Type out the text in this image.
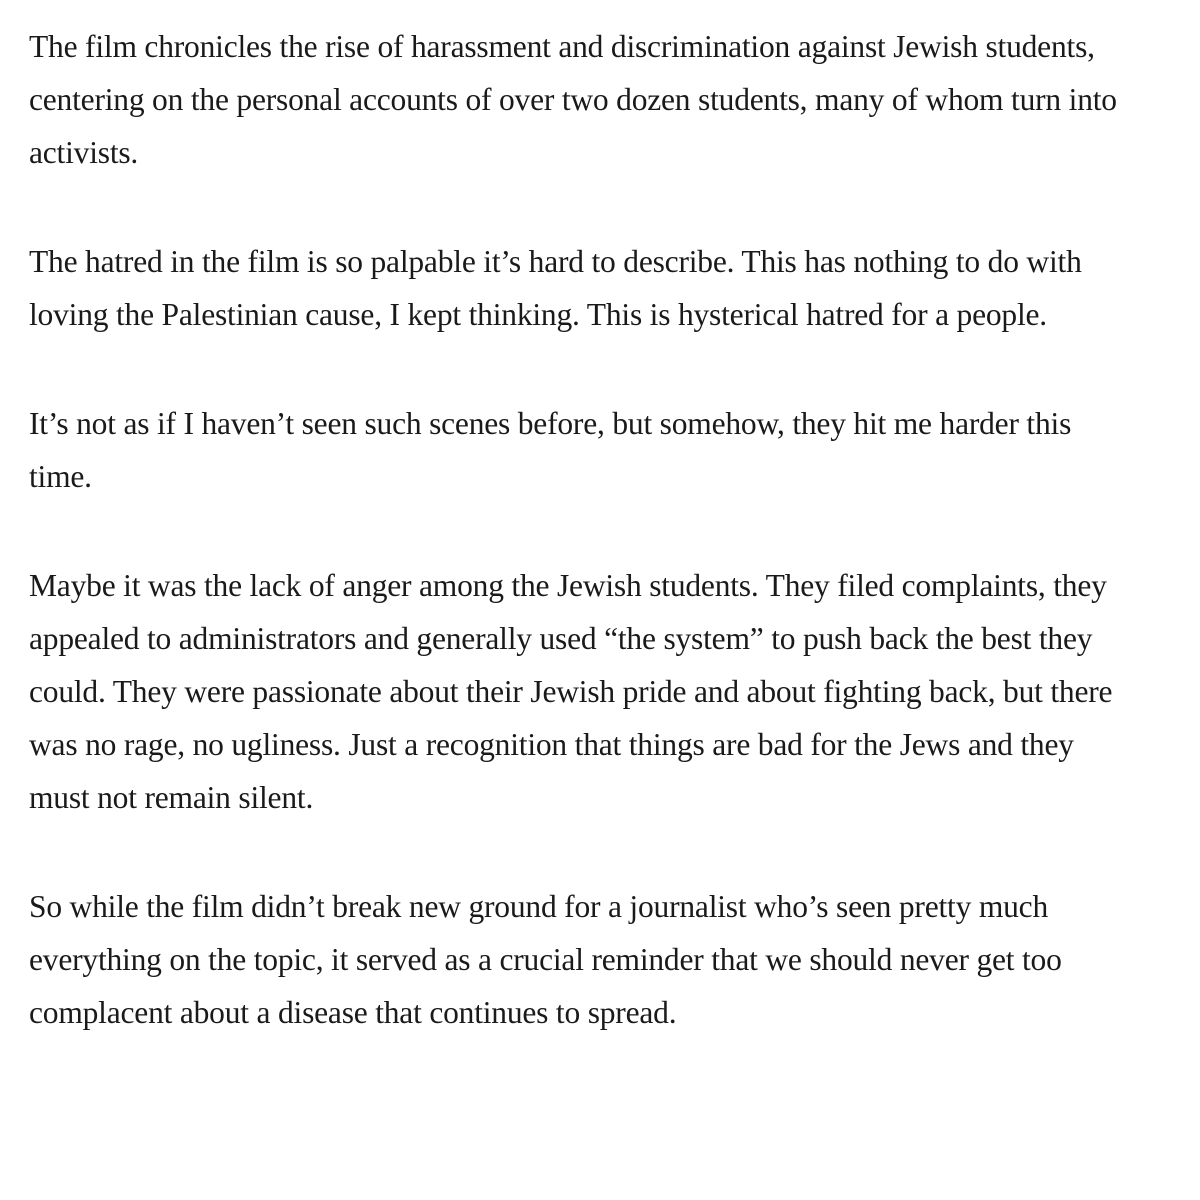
The film chronicles the rise of harassment and discrimination against Jewish students, centering on the personal accounts of over two dozen students, many of whom turn into activists.

The hatred in the film is so palpable it’s hard to describe. This has nothing to do with loving the Palestinian cause, I kept thinking. This is hysterical hatred for a people.

It’s not as if I haven’t seen such scenes before, but somehow, they hit me harder this time.

Maybe it was the lack of anger among the Jewish students. They filed complaints, they appealed to administrators and generally used “the system” to push back the best they could. They were passionate about their Jewish pride and about fighting back, but there was no rage, no ugliness. Just a recognition that things are bad for the Jews and they must not remain silent.

So while the film didn’t break new ground for a journalist who’s seen pretty much everything on the topic, it served as a crucial reminder that we should never get too complacent about a disease that continues to spread.
